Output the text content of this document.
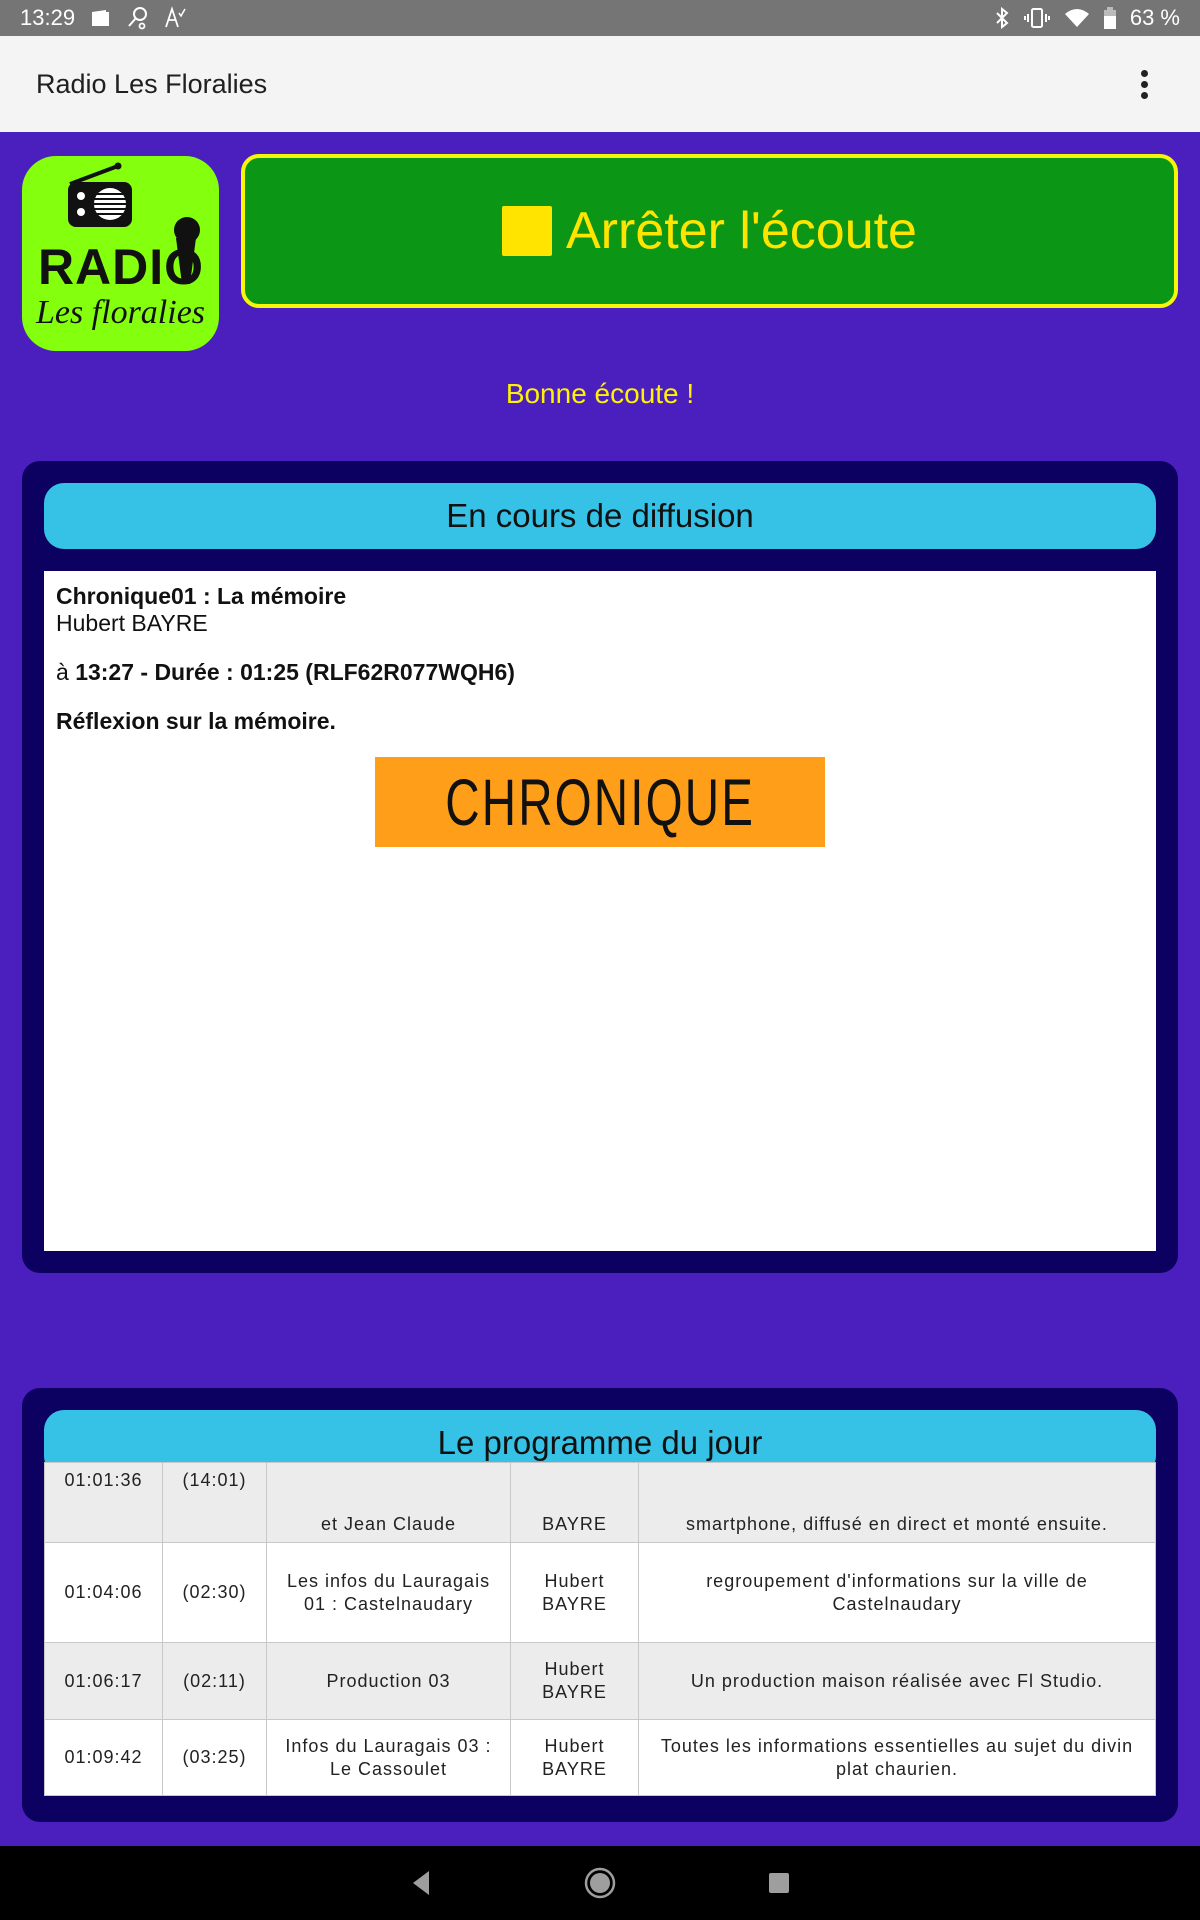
13:29	63 %
Radio Les Floralies
RADIO
Les floralies
Arrêter l'écoute
Bonne écoute !
En cours de diffusion
Chronique01 : La mémoire
Hubert BAYRE
à 13:27 - Durée : 01:25 (RLF62R077WQH6)
Réflexion sur la mémoire.
CHRONIQUE
Le programme du jour
01:01:36	(14:01)	et Jean Claude	BAYRE	smartphone, diffusé en direct et monté ensuite.
01:04:06	(02:30)	Les infos du Lauragais 01 : Castelnaudary	Hubert BAYRE	regroupement d'informations sur la ville de Castelnaudary
01:06:17	(02:11)	Production 03	Hubert BAYRE	Un production maison réalisée avec Fl Studio.
01:09:42	(03:25)	Infos du Lauragais 03 : Le Cassoulet	Hubert BAYRE	Toutes les informations essentielles au sujet du divin plat chaurien.
